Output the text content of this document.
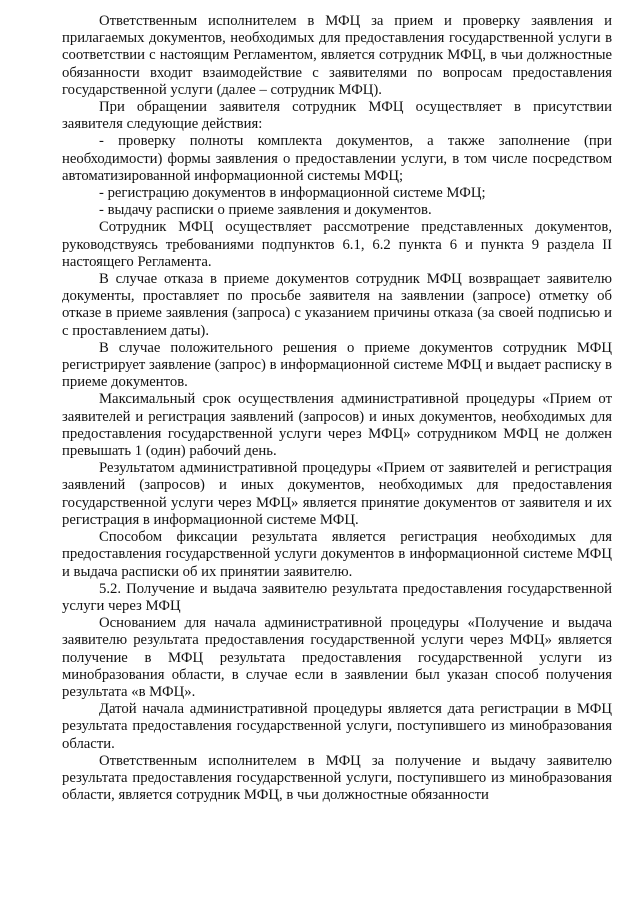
Ответственным исполнителем в МФЦ за прием и проверку заявления и прилагаемых документов, необходимых для предоставления государственной услуги в соответствии с настоящим Регламентом, является сотрудник МФЦ, в чьи должностные обязанности входит взаимодействие с заявителями по вопросам предоставления государственной услуги (далее – сотрудник МФЦ).

При обращении заявителя сотрудник МФЦ осуществляет в присутствии заявителя следующие действия:

- проверку полноты комплекта документов, а также заполнение (при необходимости) формы заявления о предоставлении услуги, в том числе посредством автоматизированной информационной системы МФЦ;

- регистрацию документов в информационной системе МФЦ;

- выдачу расписки о приеме заявления и документов.

Сотрудник МФЦ осуществляет рассмотрение представленных документов, руководствуясь требованиями подпунктов 6.1, 6.2 пункта 6 и пункта 9 раздела II настоящего Регламента.

В случае отказа в приеме документов сотрудник МФЦ возвращает заявителю документы, проставляет по просьбе заявителя на заявлении (запросе) отметку об отказе в приеме заявления (запроса) с указанием причины отказа (за своей подписью и с проставлением даты).

В случае положительного решения о приеме документов сотрудник МФЦ регистрирует заявление (запрос) в информационной системе МФЦ и выдает расписку в приеме документов.

Максимальный срок осуществления административной процедуры «Прием от заявителей и регистрация заявлений (запросов) и иных документов, необходимых для предоставления государственной услуги через МФЦ» сотрудником МФЦ не должен превышать 1 (один) рабочий день.

Результатом административной процедуры «Прием от заявителей и регистрация заявлений (запросов) и иных документов, необходимых для предоставления государственной услуги через МФЦ» является принятие документов от заявителя и их регистрация в информационной системе МФЦ.

Способом фиксации результата является регистрация необходимых для предоставления государственной услуги документов в информационной системе МФЦ и выдача расписки об их принятии заявителю.

5.2. Получение и выдача заявителю результата предоставления государственной услуги через МФЦ

Основанием для начала административной процедуры «Получение и выдача заявителю результата предоставления государственной услуги через МФЦ» является получение в МФЦ результата предоставления государственной услуги из минобразования области, в случае если в заявлении был указан способ получения результата «в МФЦ».

Датой начала административной процедуры является дата регистрации в МФЦ результата предоставления государственной услуги, поступившего из минобразования области.

Ответственным исполнителем в МФЦ за получение и выдачу заявителю результата предоставления государственной услуги, поступившего из минобразования области, является сотрудник МФЦ, в чьи должностные обязанности
